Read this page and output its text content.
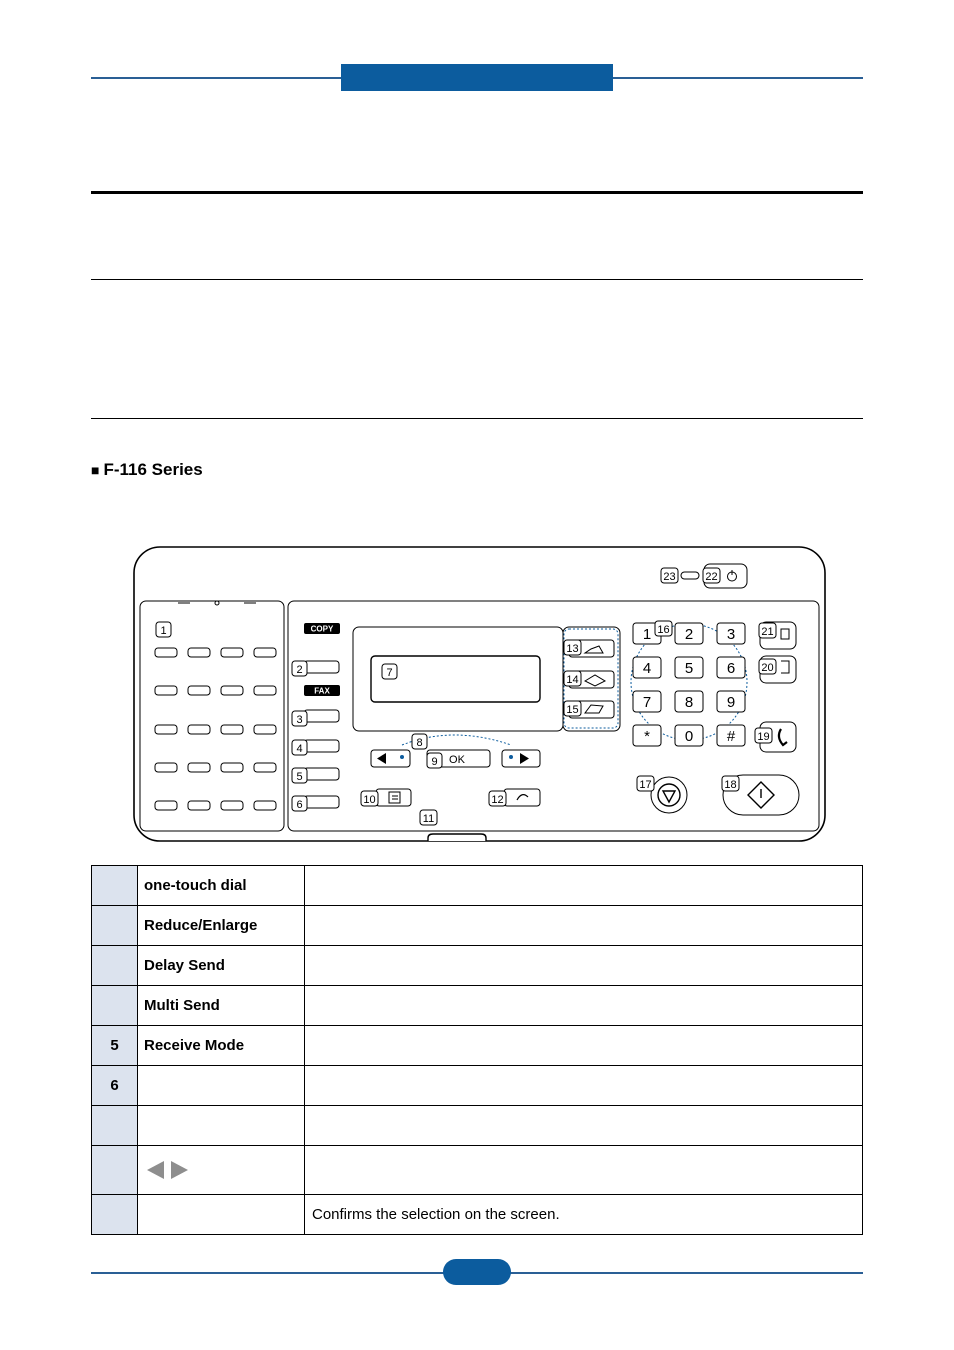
■ F-116 Series
COPY
FAX
OK
1 2 3
4 5 6
7 8 9
* 0 #
1
2
3
4
5
6
7
8
9
10
11
12
13
14
15
16
17	18
19
20
21
22
23
	one-touch dial	
	Reduce/Enlarge	
	Delay Send	
	Multi Send	
5	Receive Mode	
6		

		Confirms the selection on the screen.
